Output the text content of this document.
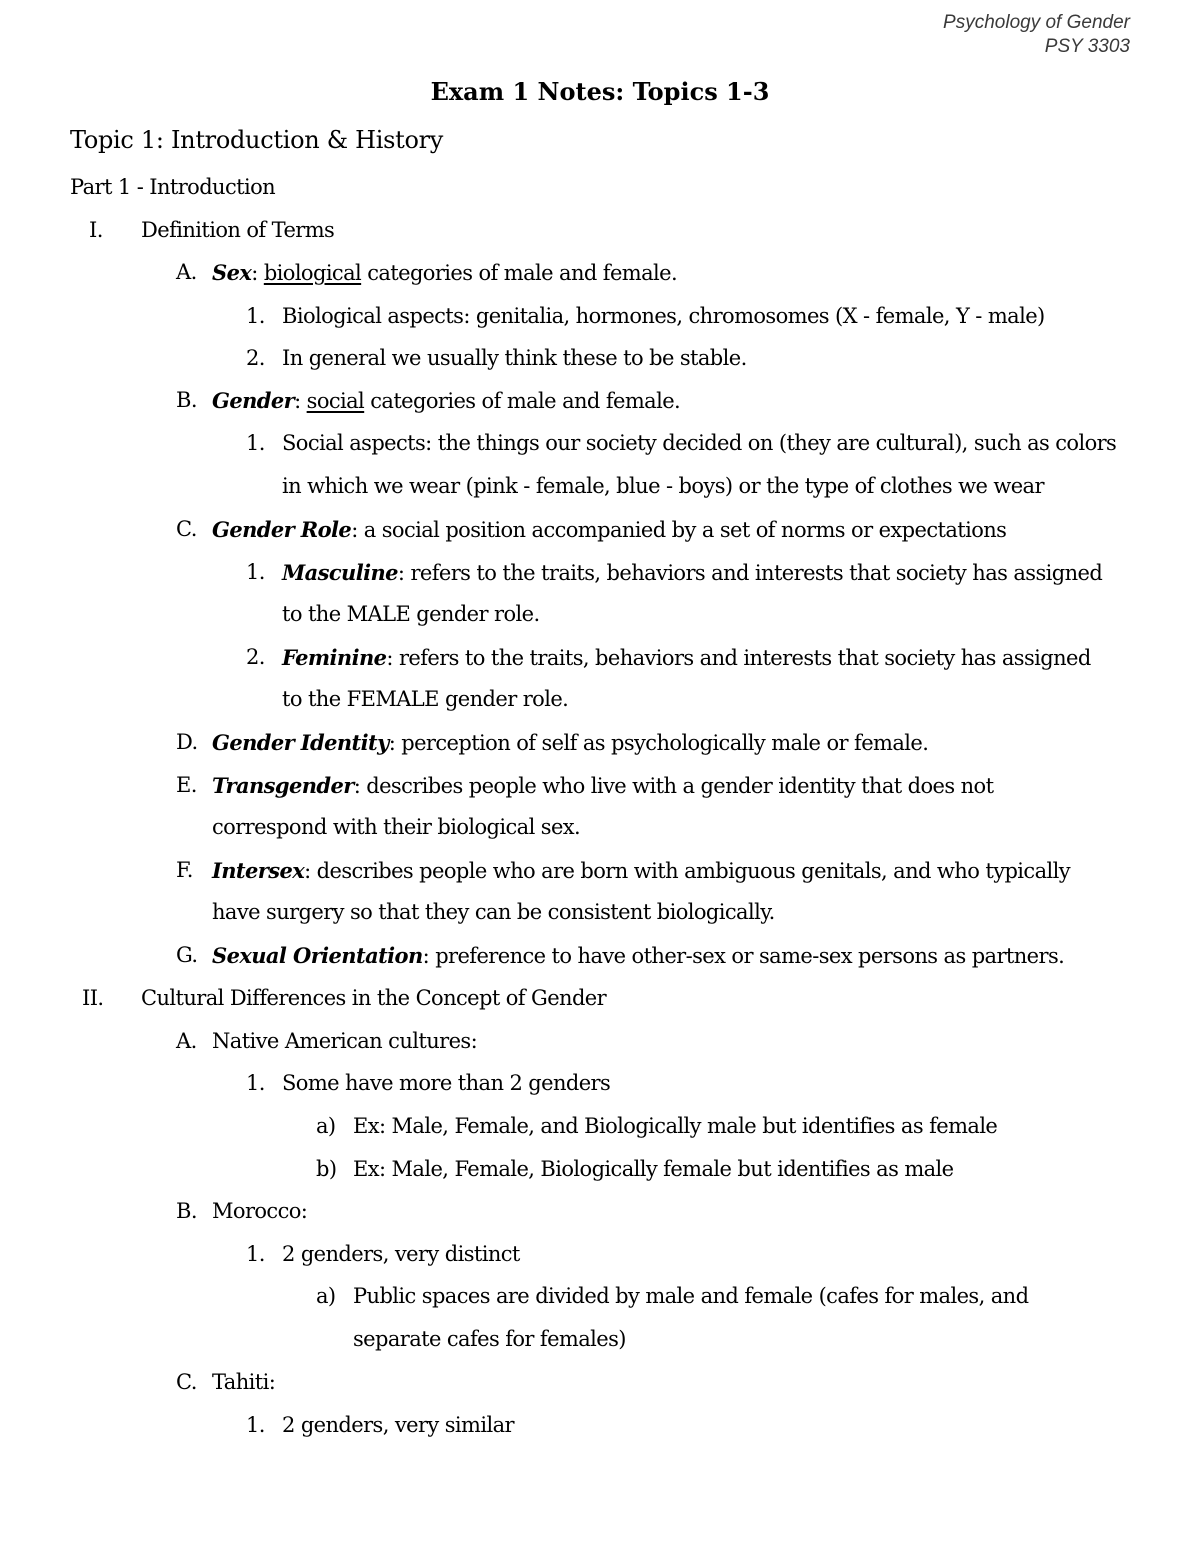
Psychology of Gender
PSY 3303
Exam 1 Notes: Topics 1-3
Topic 1: Introduction & History
Part 1 - Introduction
I. Definition of Terms
A. Sex: biological categories of male and female.
1. Biological aspects: genitalia, hormones, chromosomes (X - female, Y - male)
2. In general we usually think these to be stable.
B. Gender: social categories of male and female.
1. Social aspects: the things our society decided on (they are cultural), such as colors
in which we wear (pink - female, blue - boys) or the type of clothes we wear
C. Gender Role: a social position accompanied by a set of norms or expectations
1. Masculine: refers to the traits, behaviors and interests that society has assigned
to the MALE gender role.
2. Feminine: refers to the traits, behaviors and interests that society has assigned
to the FEMALE gender role.
D. Gender Identity: perception of self as psychologically male or female.
E. Transgender: describes people who live with a gender identity that does not
correspond with their biological sex.
F. Intersex: describes people who are born with ambiguous genitals, and who typically
have surgery so that they can be consistent biologically.
G. Sexual Orientation: preference to have other-sex or same-sex persons as partners.
II. Cultural Differences in the Concept of Gender
A. Native American cultures:
1. Some have more than 2 genders
a) Ex: Male, Female, and Biologically male but identifies as female
b) Ex: Male, Female, Biologically female but identifies as male
B. Morocco:
1. 2 genders, very distinct
a) Public spaces are divided by male and female (cafes for males, and
separate cafes for females)
C. Tahiti:
1. 2 genders, very similar
